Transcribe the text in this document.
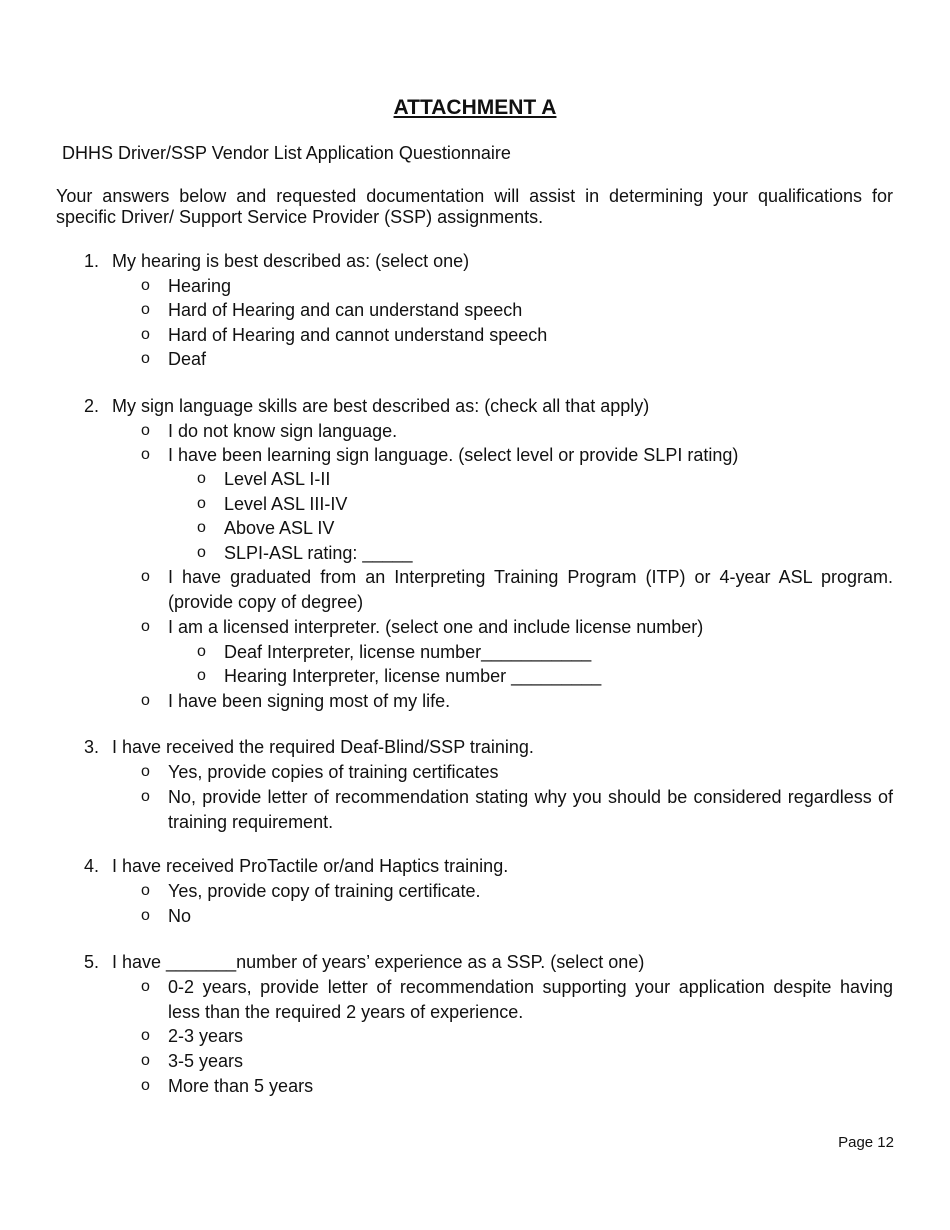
ATTACHMENT A
DHHS Driver/SSP Vendor List Application Questionnaire
Your answers below and requested documentation will assist in determining your qualifications for specific Driver/ Support Service Provider (SSP) assignments.
1. My hearing is best described as: (select one)
o Hearing
o Hard of Hearing and can understand speech
o Hard of Hearing and cannot understand speech
o Deaf
2. My sign language skills are best described as: (check all that apply)
o I do not know sign language.
o I have been learning sign language. (select level or provide SLPI rating)
o Level ASL I-II
o Level ASL III-IV
o Above ASL IV
o SLPI-ASL rating: _____
o I have graduated from an Interpreting Training Program (ITP) or 4-year ASL program. (provide copy of degree)
o I am a licensed interpreter. (select one and include license number)
o Deaf Interpreter, license number___________
o Hearing Interpreter, license number _________
o I have been signing most of my life.
3. I have received the required Deaf-Blind/SSP training.
o Yes, provide copies of training certificates
o No, provide letter of recommendation stating why you should be considered regardless of training requirement.
4. I have received ProTactile or/and Haptics training.
o Yes, provide copy of training certificate.
o No
5. I have _______number of years’ experience as a SSP. (select one)
o 0-2 years, provide letter of recommendation supporting your application despite having less than the required 2 years of experience.
o 2-3 years
o 3-5 years
o More than 5 years
Page 12
